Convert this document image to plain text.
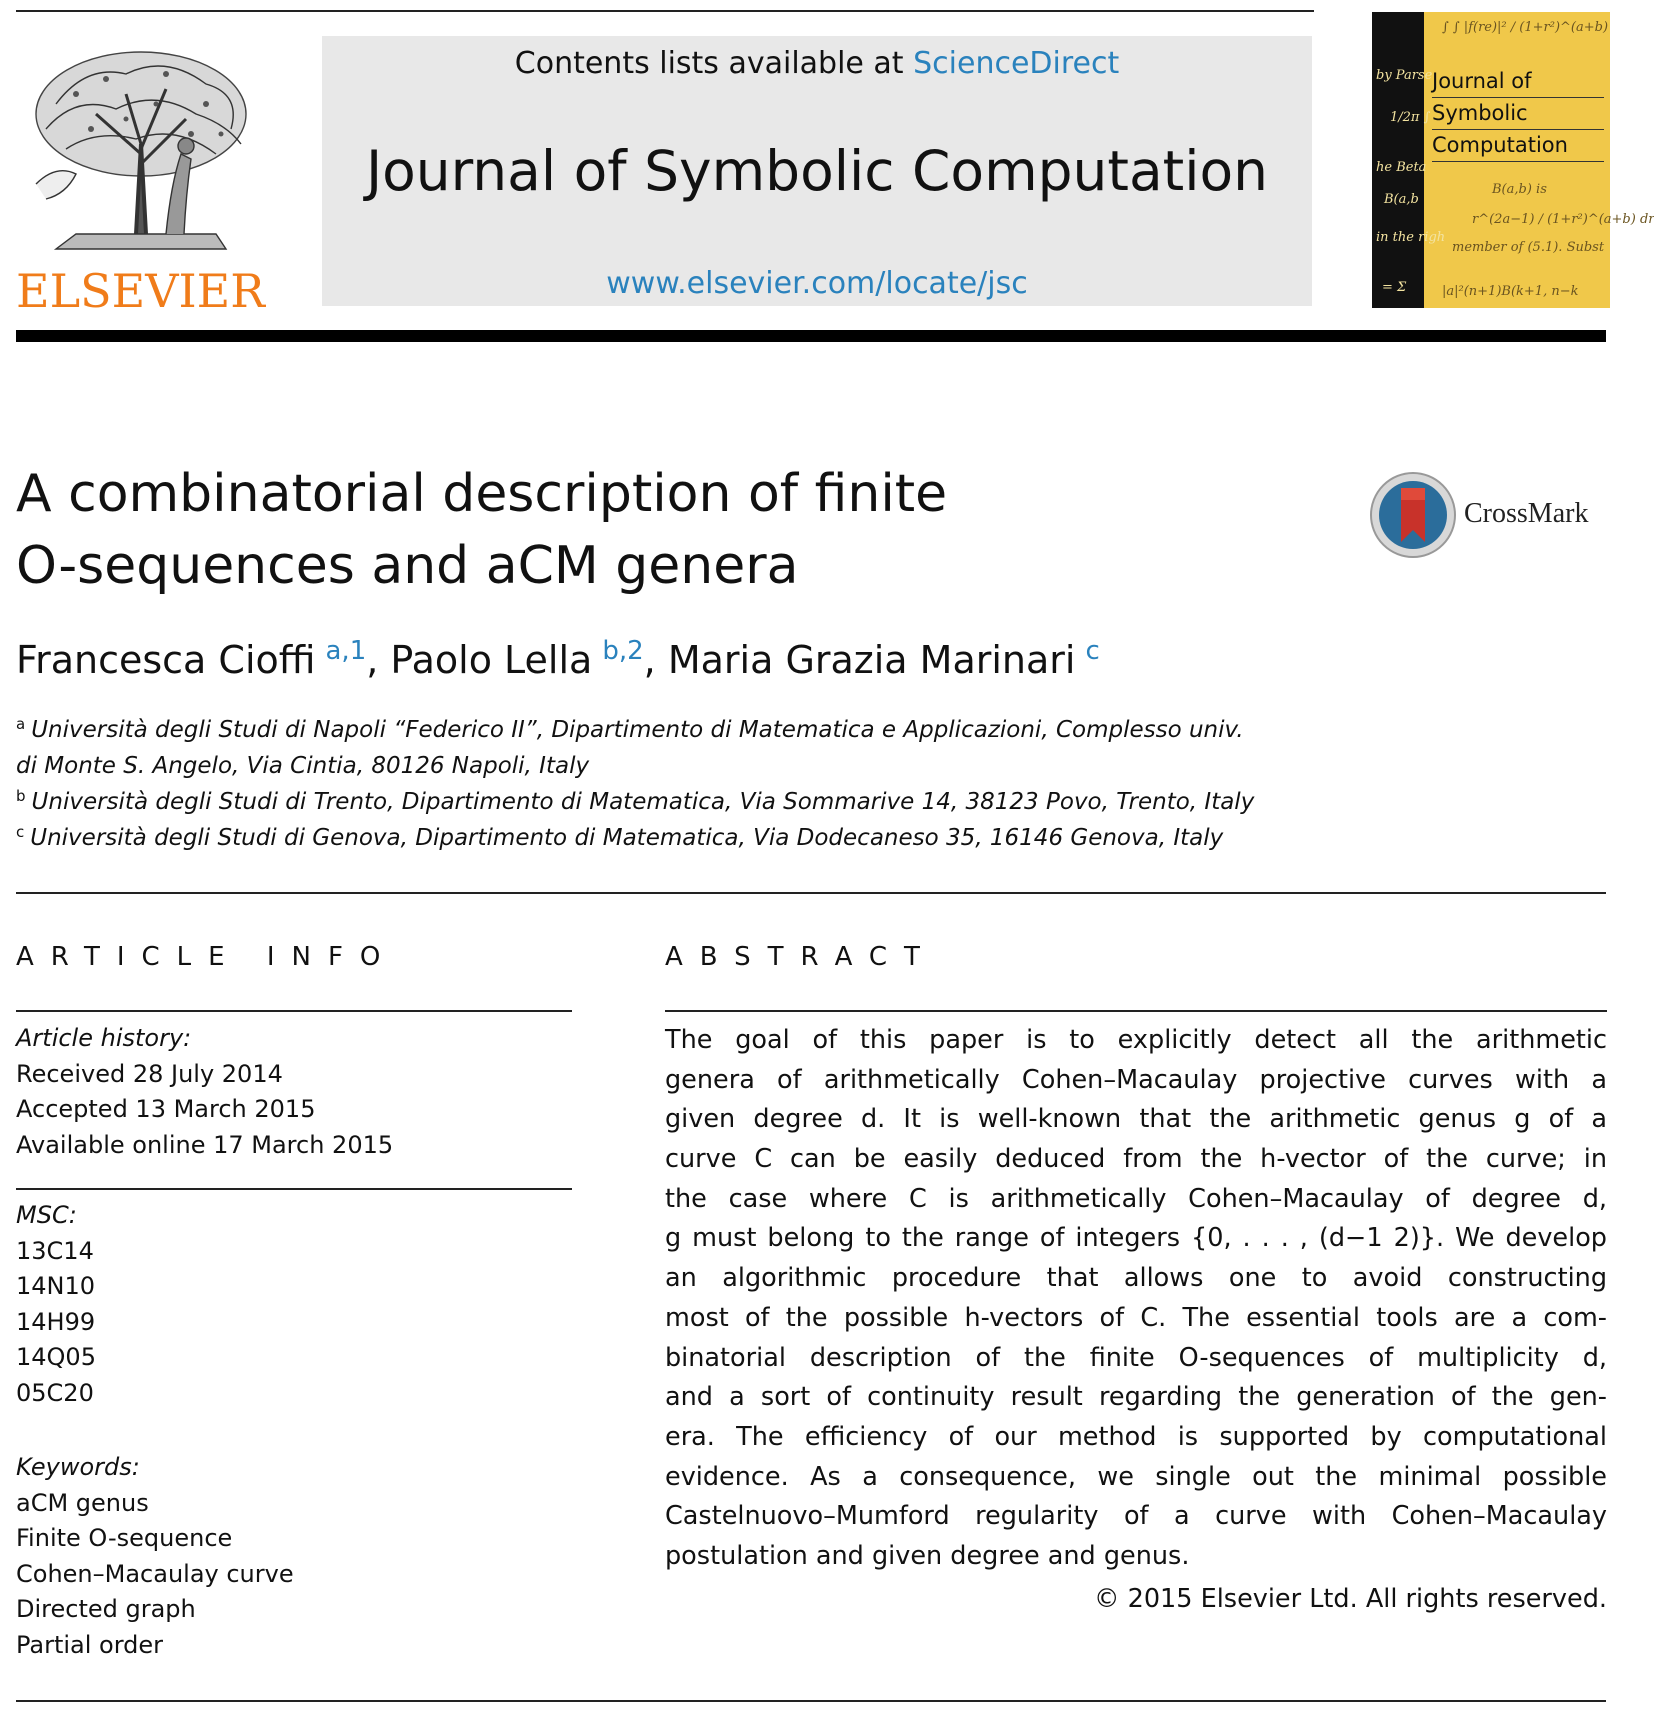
ELSEVIER
Contents lists available at ScienceDirect
Journal of Symbolic Computation
www.elsevier.com/locate/jsc
by Parse
1/2π ∫
he Beta
B(a,b
in the righ
= Σ
∫ ∫ |f(re)|² / (1+r²)^(a+b)
B(a,b) is
r^(2a−1) / (1+r²)^(a+b) dr
member of (5.1). Subst
|a|²(n+1)B(k+1, n−k
Journal of
Symbolic
Computation
A combinatorial description of finite
O-sequences and aCM genera
CrossMark
Francesca Cioffi $^{a,1}$, Paolo Lella $^{b,2}$, Maria Grazia Marinari $^c$
$^a$ Università degli Studi di Napoli “Federico II”, Dipartimento di Matematica e Applicazioni, Complesso univ.
di Monte S. Angelo, Via Cintia, 80126 Napoli, Italy
$^b$ Università degli Studi di Trento, Dipartimento di Matematica, Via Sommarive 14, 38123 Povo, Trento, Italy
$^c$ Università degli Studi di Genova, Dipartimento di Matematica, Via Dodecaneso 35, 16146 Genova, Italy
ARTICLE INFO
Article history:
Received 28 July 2014
Accepted 13 March 2015
Available online 17 March 2015
MSC:
13C14
14N10
14H99
14Q05
05C20
Keywords:
aCM genus
Finite O-sequence
Cohen–Macaulay curve
Directed graph
Partial order
ABSTRACT
The goal of this paper is to explicitly detect all the arithmetic
genera of arithmetically Cohen–Macaulay projective curves with a
given degree d. It is well-known that the arithmetic genus g of a
curve C can be easily deduced from the h-vector of the curve; in
the case where C is arithmetically Cohen–Macaulay of degree d,
g must belong to the range of integers {0, . . . , (d−1 2)}. We develop
an algorithmic procedure that allows one to avoid constructing
most of the possible h-vectors of C. The essential tools are a com-
binatorial description of the finite O-sequences of multiplicity d,
and a sort of continuity result regarding the generation of the gen-
era. The efficiency of our method is supported by computational
evidence. As a consequence, we single out the minimal possible
Castelnuovo–Mumford regularity of a curve with Cohen–Macaulay
postulation and given degree and genus.
© 2015 Elsevier Ltd. All rights reserved.
